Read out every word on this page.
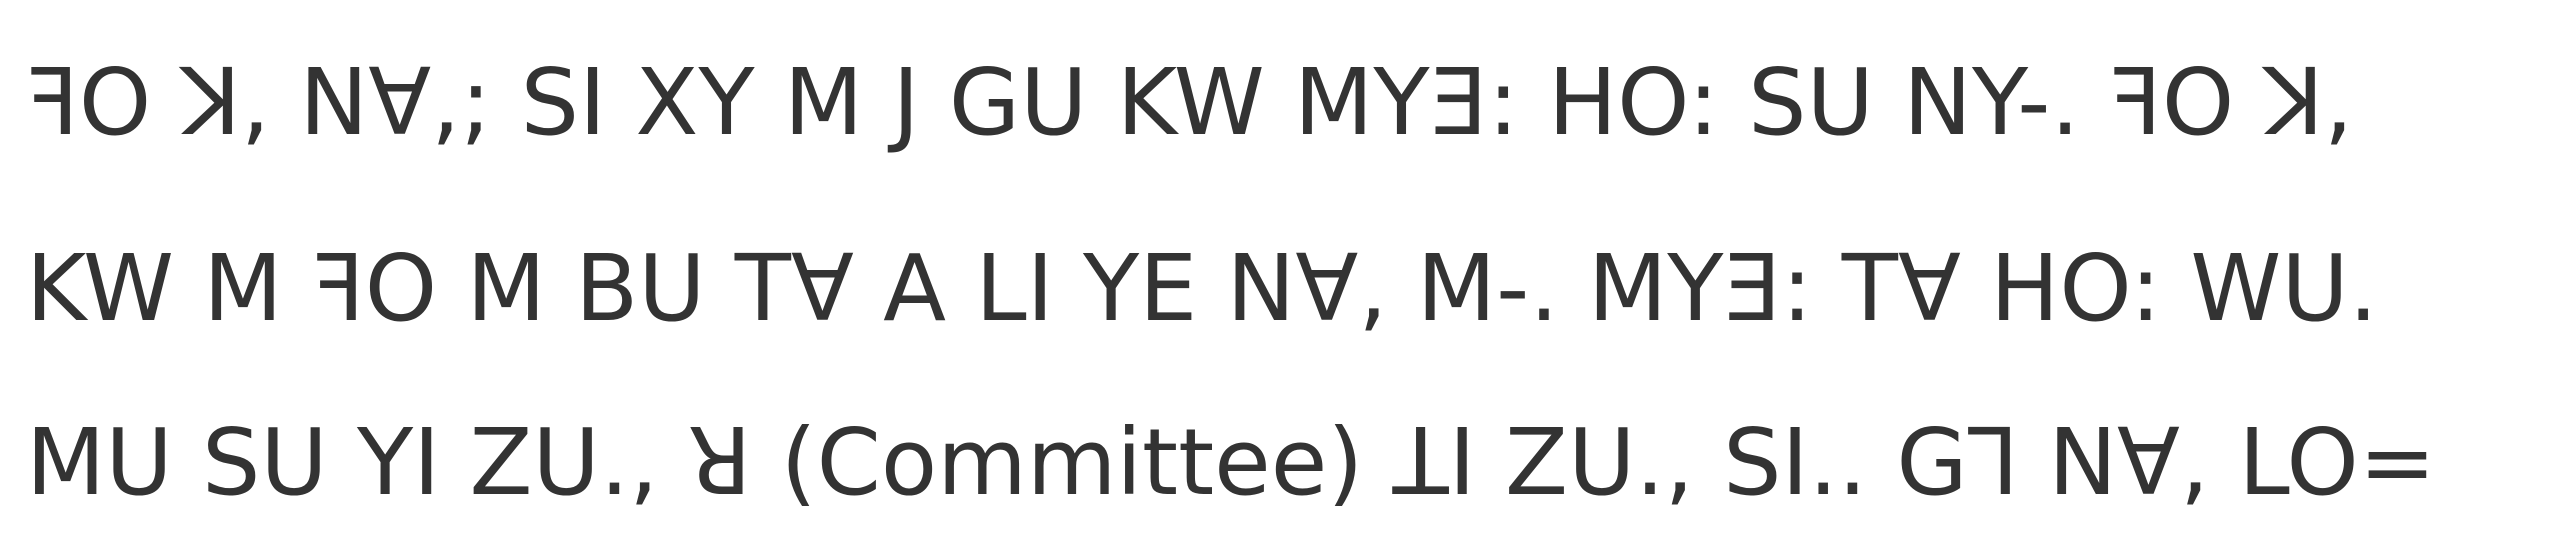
ꟻO ꓘ, Nꓯ,; SI XY M J GU KW MYƎ: HO: SU NY-. ꟻO ꓘ,
KW M ꟻO M BU Tꓯ A LI YE Nꓯ, M-. MYƎ: Tꓯ HO: WU.
MU SU YI ZU., ꓤ (Committee) ꓕI ZU., SI.. Gꓶ Nꓯ, LO=
